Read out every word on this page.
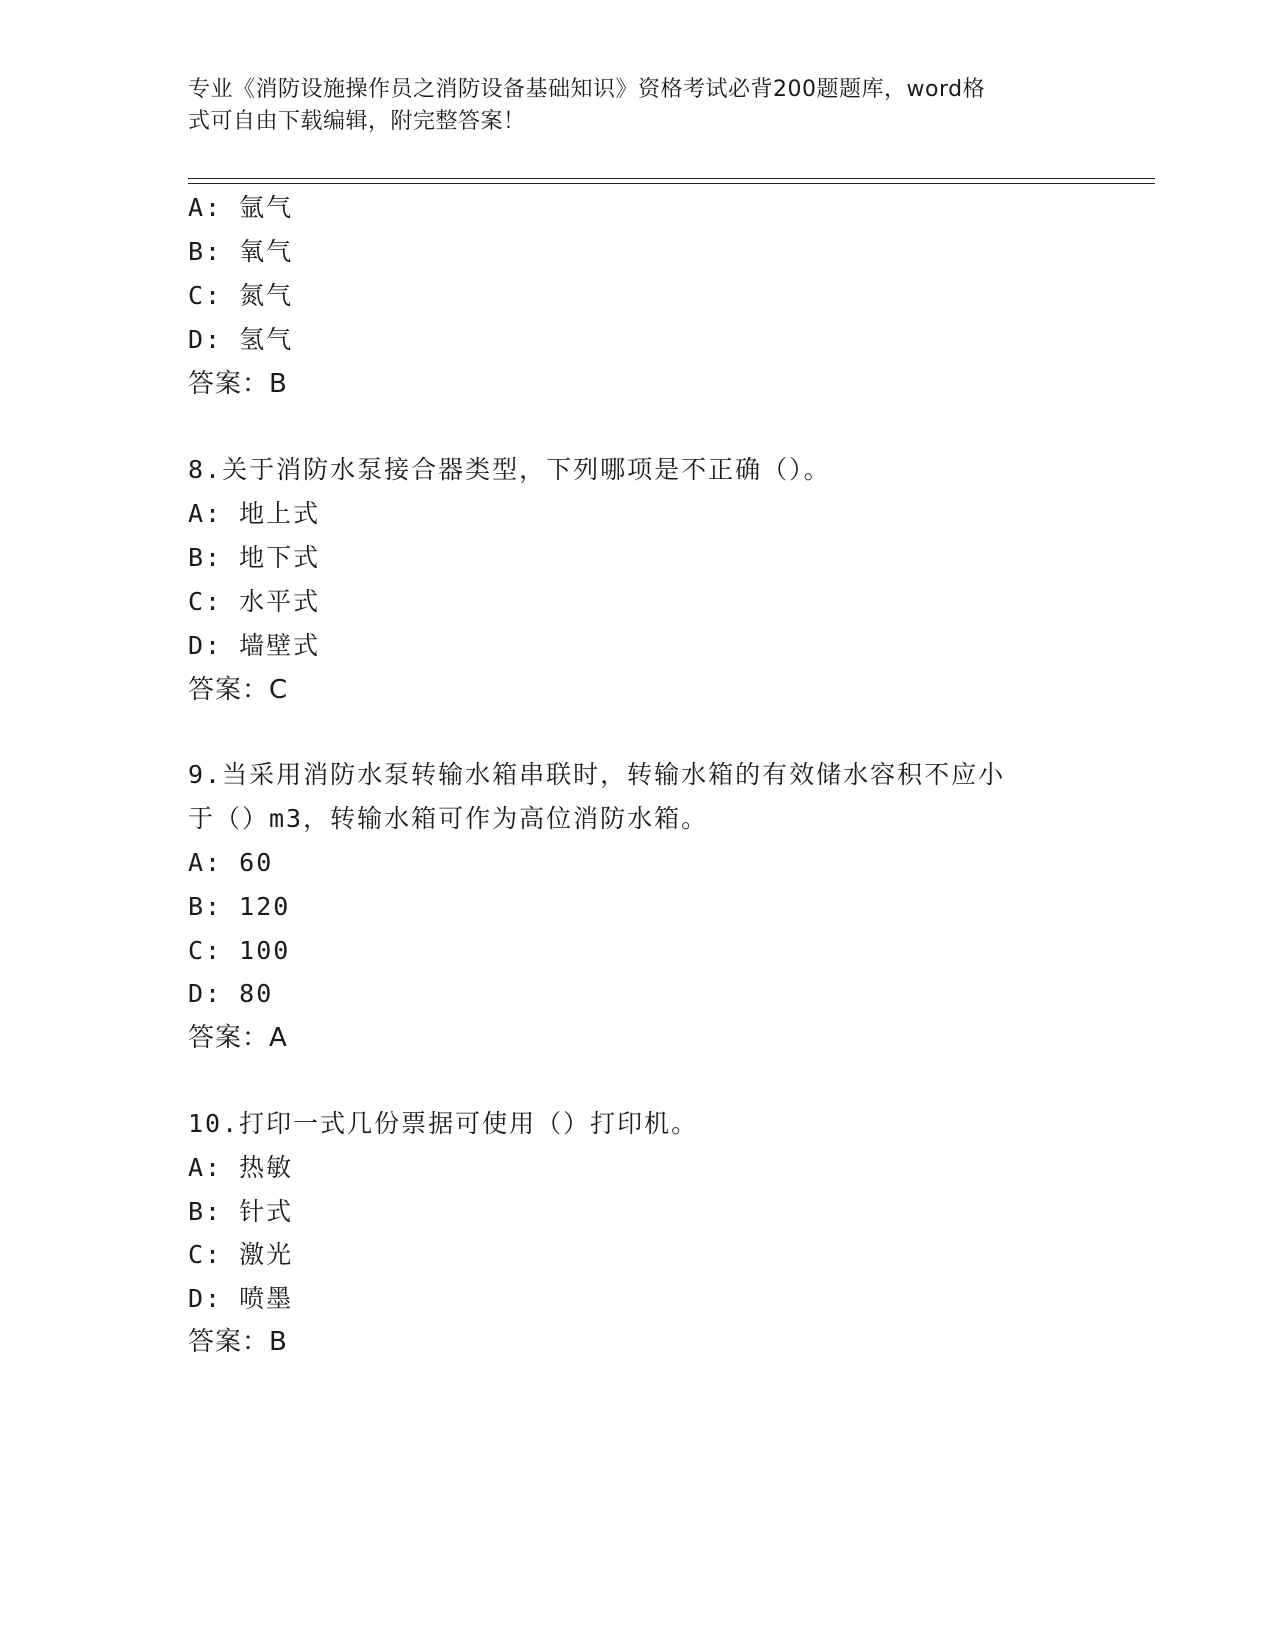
专业《消防设施操作员之消防设备基础知识》资格考试必背200题题库，word格
式可自由下载编辑，附完整答案！
A: 氩气
B: 氧气
C: 氮气
D: 氢气
答案：B
8.关于消防水泵接合器类型，下列哪项是不正确（）。
A: 地上式
B: 地下式
C: 水平式
D: 墙壁式
答案：C
9.当采用消防水泵转输水箱串联时，转输水箱的有效储水容积不应小
于（）m3，转输水箱可作为高位消防水箱。
A: 60
B: 120
C: 100
D: 80
答案：A
10.打印一式几份票据可使用（）打印机。
A: 热敏
B: 针式
C: 激光
D: 喷墨
答案：B
